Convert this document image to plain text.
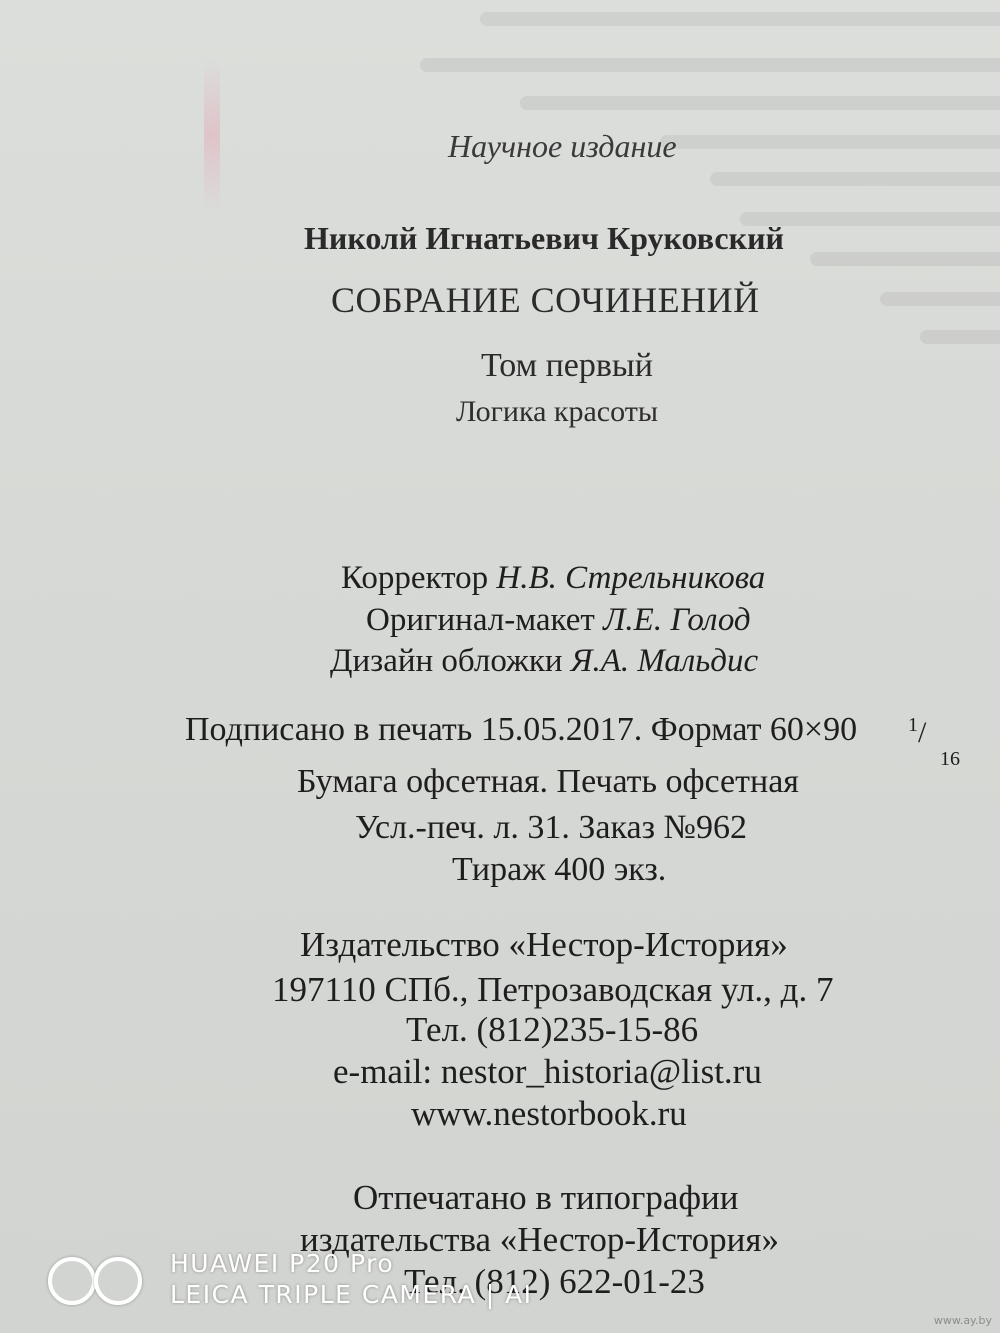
Научное издание
Николй Игнатьевич Круковский
СОБРАНИЕ СОЧИНЕНИЙ
Том первый
Логика красоты
Корректор Н.В. Стрельникова
Оригинал-макет Л.Е. Голод
Дизайн обложки Я.А. Мальдис
Подписано в печать 15.05.2017. Формат 60×90	1 /
16
Бумага офсетная. Печать офсетная
Усл.-печ. л. 31. Заказ №962
Тираж 400 экз.
Издательство «Нестор-История»
197110 СПб., Петрозаводская ул., д. 7
Тел. (812)235-15-86
e-mail: nestor_historia@list.ru
www.nestorbook.ru
Отпечатано в типографии
издательства «Нестор-История»
Тел. (812) 622-01-23
HUAWEI P20 Pro
LEICA TRIPLE CAMERA | AI
www.ay.by
